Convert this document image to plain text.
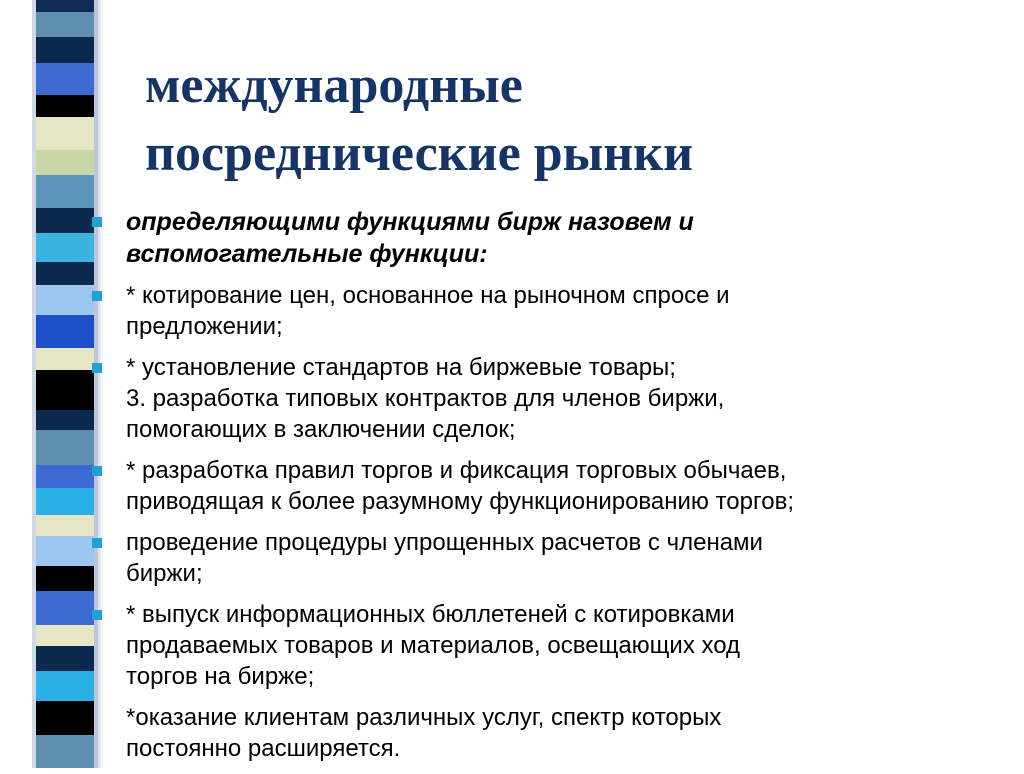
международные
посреднические рынки
определяющими функциями бирж назовем и
вспомогательные функции:
* котирование цен, основанное на рыночном спросе и
предложении;
* установление стандартов на биржевые товары;
3. разработка типовых контрактов для членов биржи,
помогающих в заключении сделок;
* разработка правил торгов и фиксация торговых обычаев,
приводящая к более разумному функционированию торгов;
проведение процедуры упрощенных расчетов с членами
биржи;
* выпуск информационных бюллетеней с котировками
продаваемых товаров и материалов, освещающих ход
торгов на бирже;
*оказание клиентам различных услуг, спектр которых
постоянно расширяется.
